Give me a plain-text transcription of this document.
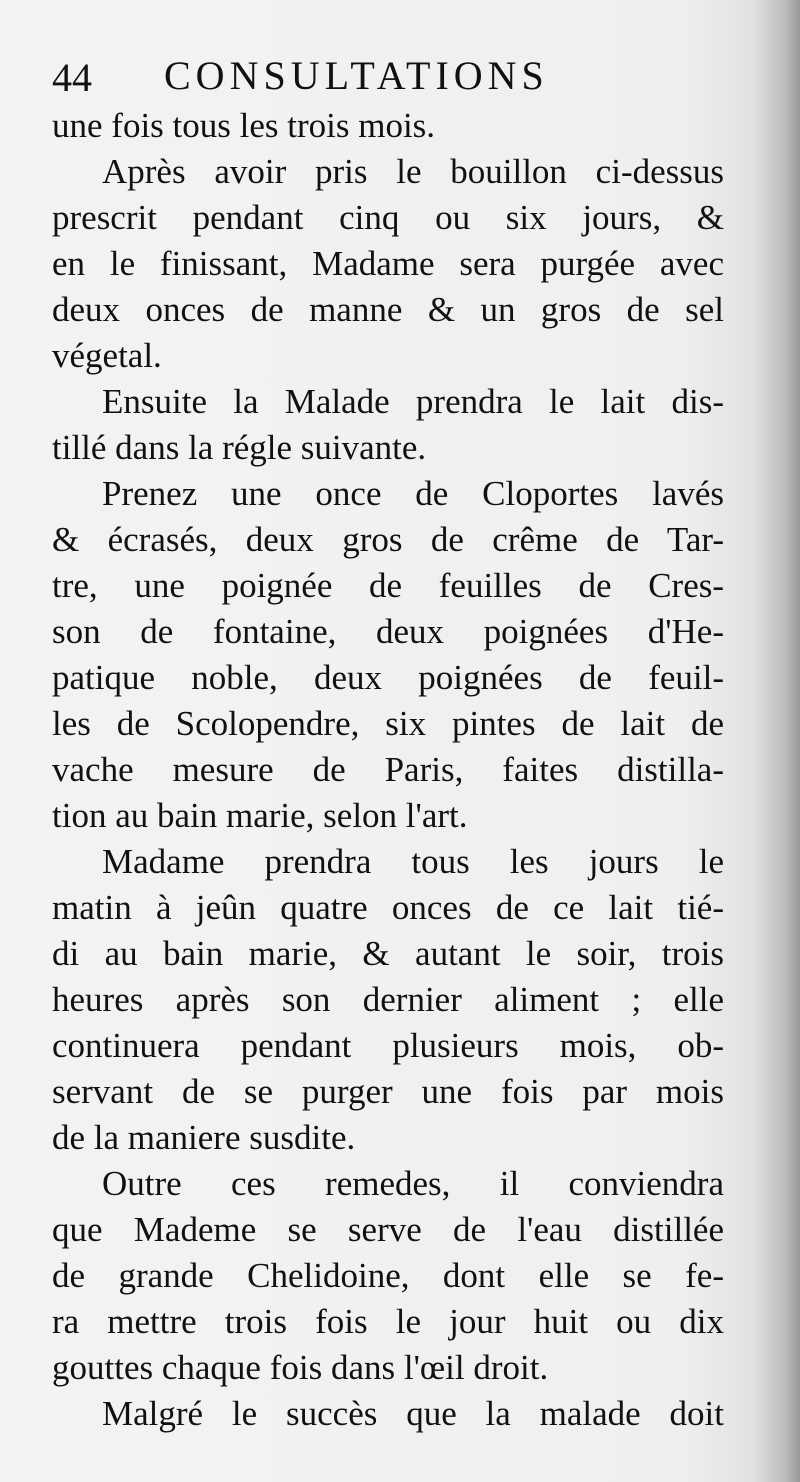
44 CONSULTATIONS
une fois tous les trois mois.
Après avoir pris le bouillon ci-dessus
prescrit pendant cinq ou six jours, &
en le finissant, Madame sera purgée avec
deux onces de manne & un gros de sel
végetal.
Ensuite la Malade prendra le lait dis-
tillé dans la régle suivante.
Prenez une once de Cloportes lavés
& écrasés, deux gros de crême de Tar-
tre, une poignée de feuilles de Cres-
son de fontaine, deux poignées d'He-
patique noble, deux poignées de feuil-
les de Scolopendre, six pintes de lait de
vache mesure de Paris, faites distilla-
tion au bain marie, selon l'art.
Madame prendra tous les jours le
matin à jeûn quatre onces de ce lait tié-
di au bain marie, & autant le soir, trois
heures après son dernier aliment ; elle
continuera pendant plusieurs mois, ob-
servant de se purger une fois par mois
de la maniere susdite.
Outre ces remedes, il conviendra
que Mademe se serve de l'eau distillée
de grande Chelidoine, dont elle se fe-
ra mettre trois fois le jour huit ou dix
gouttes chaque fois dans l'œil droit.
Malgré le succès que la malade doit
